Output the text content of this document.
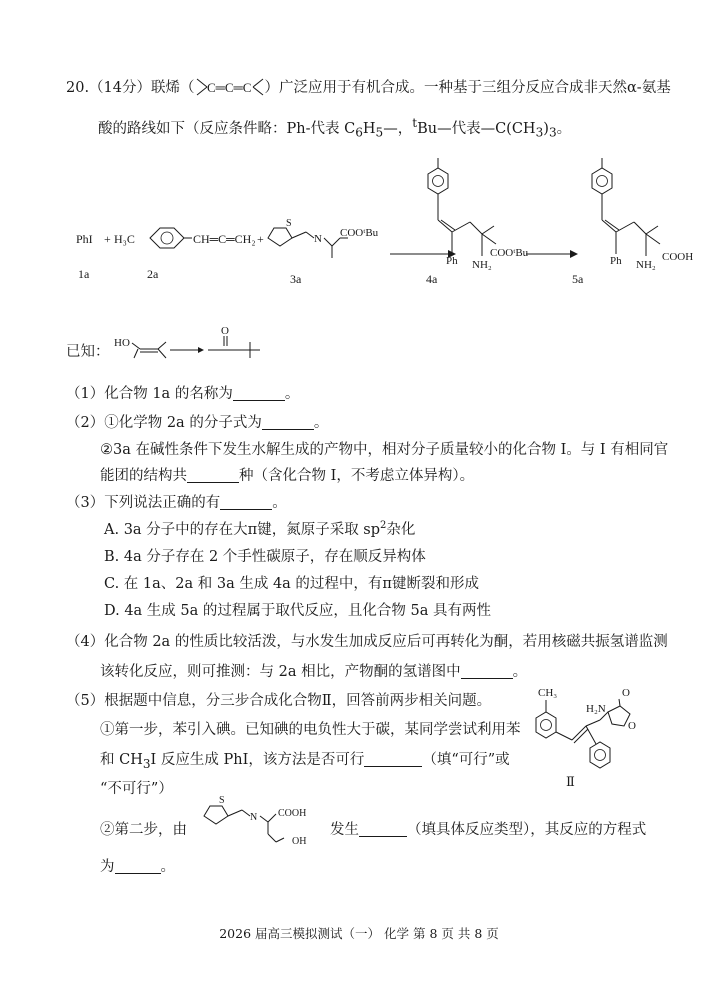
20.（14分）联烯（ C═C═C ）广泛应用于有机合成。一种基于三组分反应合成非天然α-氨基
酸的路线如下（反应条件略：Ph-代表 $C_6H_5—$，$^t$Bu—代表$—C(CH_3)_3$。
PhI + H₃C	CH═C═CH₂ +
S
N COOᵗBu
Ph NH₂
COOᵗBu
Ph NH₂
COOH
1a	2a	3a	4a	5a
已知：
HO
O
（1）化合物 1a 的名称为	。
（2）①化学物 2a 的分子式为	。
②3a 在碱性条件下发生水解生成的产物中，相对分子质量较小的化合物 I。与 I 有相同官
能团的结构共	种（含化合物 I，不考虑立体异构）。
（3）下列说法正确的有	。
A. 3a 分子中的存在大π键，氮原子采取 $sp^2$杂化
B. 4a 分子存在 2 个手性碳原子，存在顺反异构体
C. 在 1a、2a 和 3a 生成 4a 的过程中，有π键断裂和形成
D. 4a 生成 5a 的过程属于取代反应，且化合物 5a 具有两性
（4）化合物 2a 的性质比较活泼，与水发生加成反应后可再转化为酮，若用核磁共振氢谱监测
该转化反应，则可推测：与 2a 相比，产物酮的氢谱图中	。
（5）根据题中信息，分三步合成化合物Ⅱ，回答前两步相关问题。
①第一步，苯引入碘。已知碘的电负性大于碳，某同学尝试利用苯
和 $CH_3I$ 反应生成 PhI，该方法是否可行	（填“可行”或
“不可行”）
CH₃
H₂N
O
O
Ⅱ
②第二步，由
S
N COOH
OH
发生	（填具体反应类型），其反应的方程式
为	。
2026 届高三模拟测试（一） 化学 第 8 页 共 8 页
